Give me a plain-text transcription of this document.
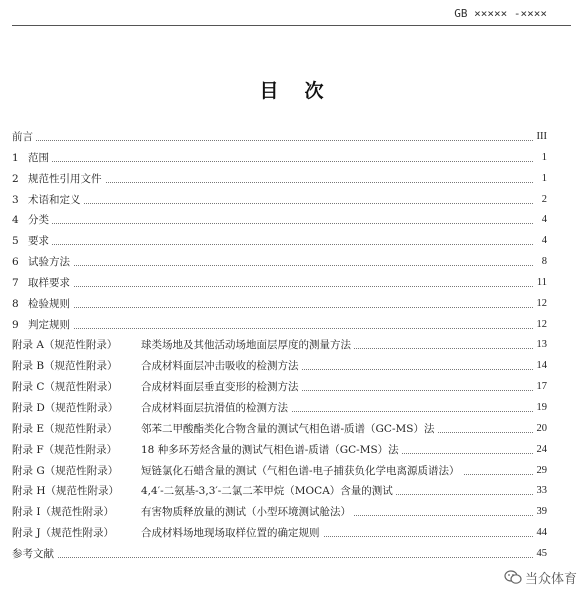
GB ××××× -××××
目次
前言	III
1 范围	1
2 规范性引用文件	1
3 术语和定义	2
4 分类	4
5 要求	4
6 试验方法	8
7 取样要求	11
8 检验规则	12
9 判定规则	12
附录 A（规范性附录） 球类场地及其他活动场地面层厚度的测量方法	13
附录 B（规范性附录） 合成材料面层冲击吸收的检测方法	14
附录 C（规范性附录） 合成材料面层垂直变形的检测方法	17
附录 D（规范性附录） 合成材料面层抗滑值的检测方法	19
附录 E（规范性附录） 邻苯二甲酸酯类化合物含量的测试气相色谱-质谱（GC-MS）法	20
附录 F（规范性附录） 18 种多环芳烃含量的测试气相色谱-质谱（GC-MS）法	24
附录 G（规范性附录） 短链氯化石蜡含量的测试（气相色谱-电子捕获负化学电离源质谱法）	29
附录 H（规范性附录） 4,4′-二氨基-3,3′-二氯二苯甲烷（MOCA）含量的测试	33
附录 I（规范性附录）	有害物质释放量的测试（小型环境测试舱法）	39
附录 J（规范性附录）	合成材料场地现场取样位置的确定规则	44
参考文献	45
当众体育
